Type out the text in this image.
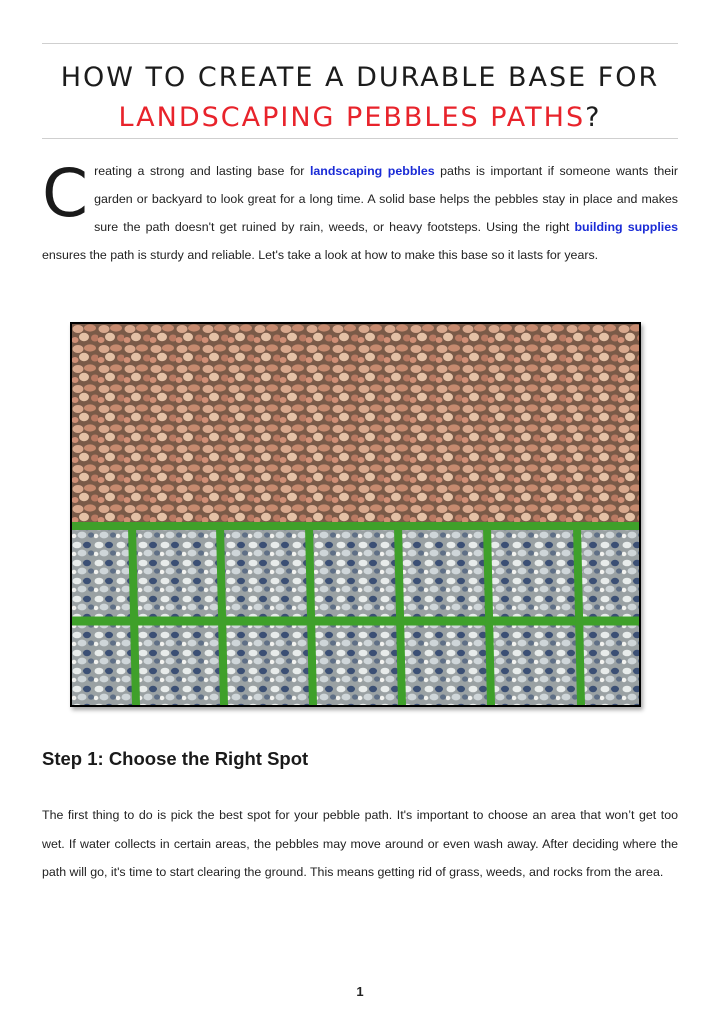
HOW TO CREATE A DURABLE BASE FOR
LANDSCAPING PEBBLES PATHS?

Creating a strong and lasting base for landscaping pebbles paths is important if someone wants their garden or backyard to look great for a long time. A solid base helps the pebbles stay in place and makes sure the path doesn't get ruined by rain, weeds, or heavy footsteps. Using the right building supplies ensures the path is sturdy and reliable. Let's take a look at how to make this base so it lasts for years.

Step 1: Choose the Right Spot

The first thing to do is pick the best spot for your pebble path. It's important to choose an area that won’t get too wet. If water collects in certain areas, the pebbles may move around or even wash away. After deciding where the path will go, it's time to start clearing the ground. This means getting rid of grass, weeds, and rocks from the area.

1
